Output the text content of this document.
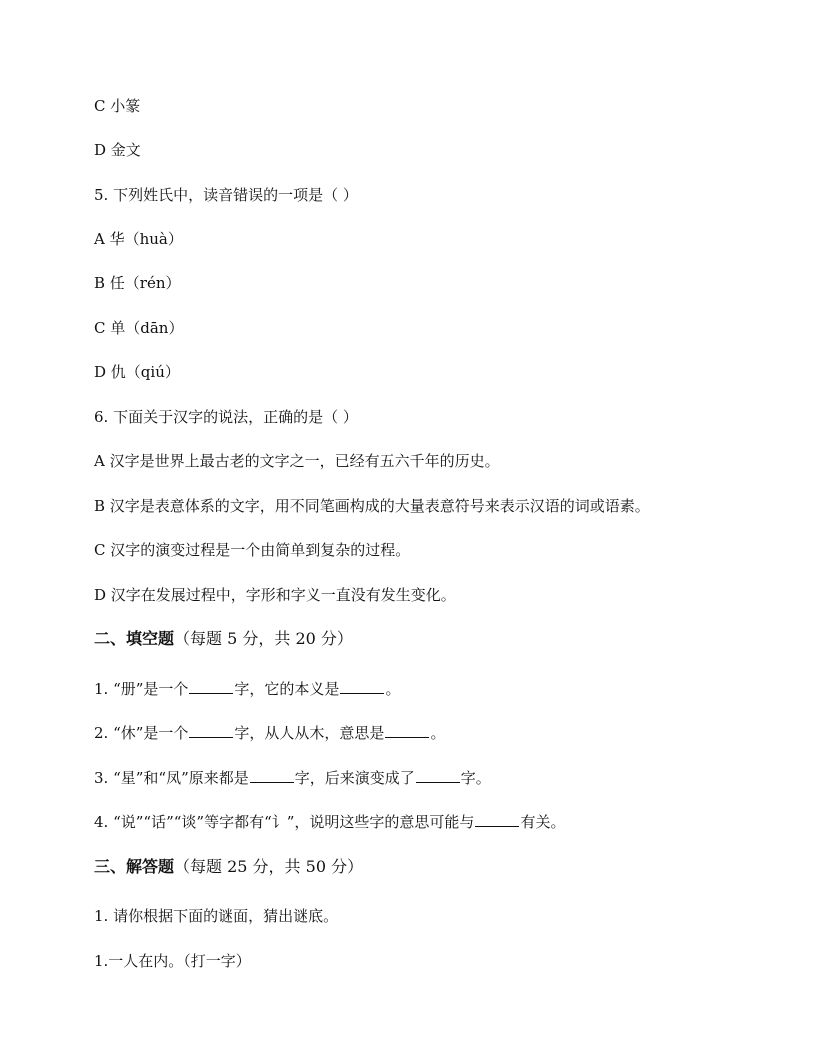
C 小篆
D 金文
5. 下列姓氏中，读音错误的一项是（ ）
A 华（huà）
B 任（rén）
C 单（dān）
D 仇（qiú）
6. 下面关于汉字的说法，正确的是（ ）
A 汉字是世界上最古老的文字之一，已经有五六千年的历史。
B 汉字是表意体系的文字，用不同笔画构成的大量表意符号来表示汉语的词或语素。
C 汉字的演变过程是一个由简单到复杂的过程。
D 汉字在发展过程中，字形和字义一直没有发生变化。
二、填空题（每题 5 分，共 20 分）
1. “册”是一个	字，它的本义是	。
2. “休”是一个	字，从人从木，意思是	。
3. “星”和“凤”原来都是	字，后来演变成了	字。
4. “说”“话”“谈”等字都有“讠”，说明这些字的意思可能与	有关。
三、解答题（每题 25 分，共 50 分）
1. 请你根据下面的谜面，猜出谜底。
1.一人在内。（打一字）
